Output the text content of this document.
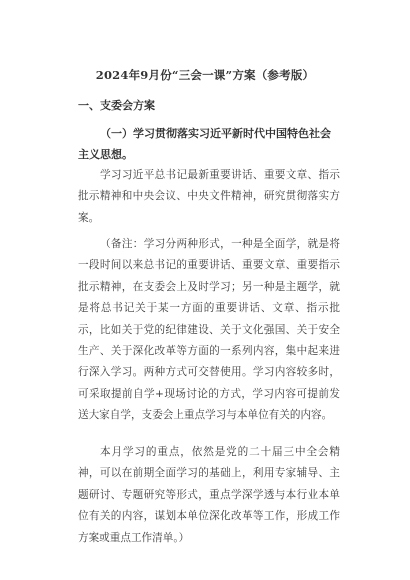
2024年9月份“三会一课”方案（参考版）
一、支委会方案
（一）学习贯彻落实习近平新时代中国特色社会主义思想。
学习习近平总书记最新重要讲话、重要文章、指示批示精神和中央会议、中央文件精神，研究贯彻落实方案。
（备注：学习分两种形式，一种是全面学，就是将一段时间以来总书记的重要讲话、重要文章、重要指示批示精神，在支委会上及时学习；另一种是主题学，就是将总书记关于某一方面的重要讲话、文章、指示批示，比如关于党的纪律建设、关于文化强国、关于安全生产、关于深化改革等方面的一系列内容，集中起来进行深入学习。两种方式可交替使用。学习内容较多时，可采取提前自学+现场讨论的方式，学习内容可提前发送大家自学，支委会上重点学习与本单位有关的内容。
本月学习的重点，依然是党的二十届三中全会精神，可以在前期全面学习的基础上，利用专家辅导、主题研讨、专题研究等形式，重点学深学透与本行业本单位有关的内容，谋划本单位深化改革等工作，形成工作方案或重点工作清单。）
